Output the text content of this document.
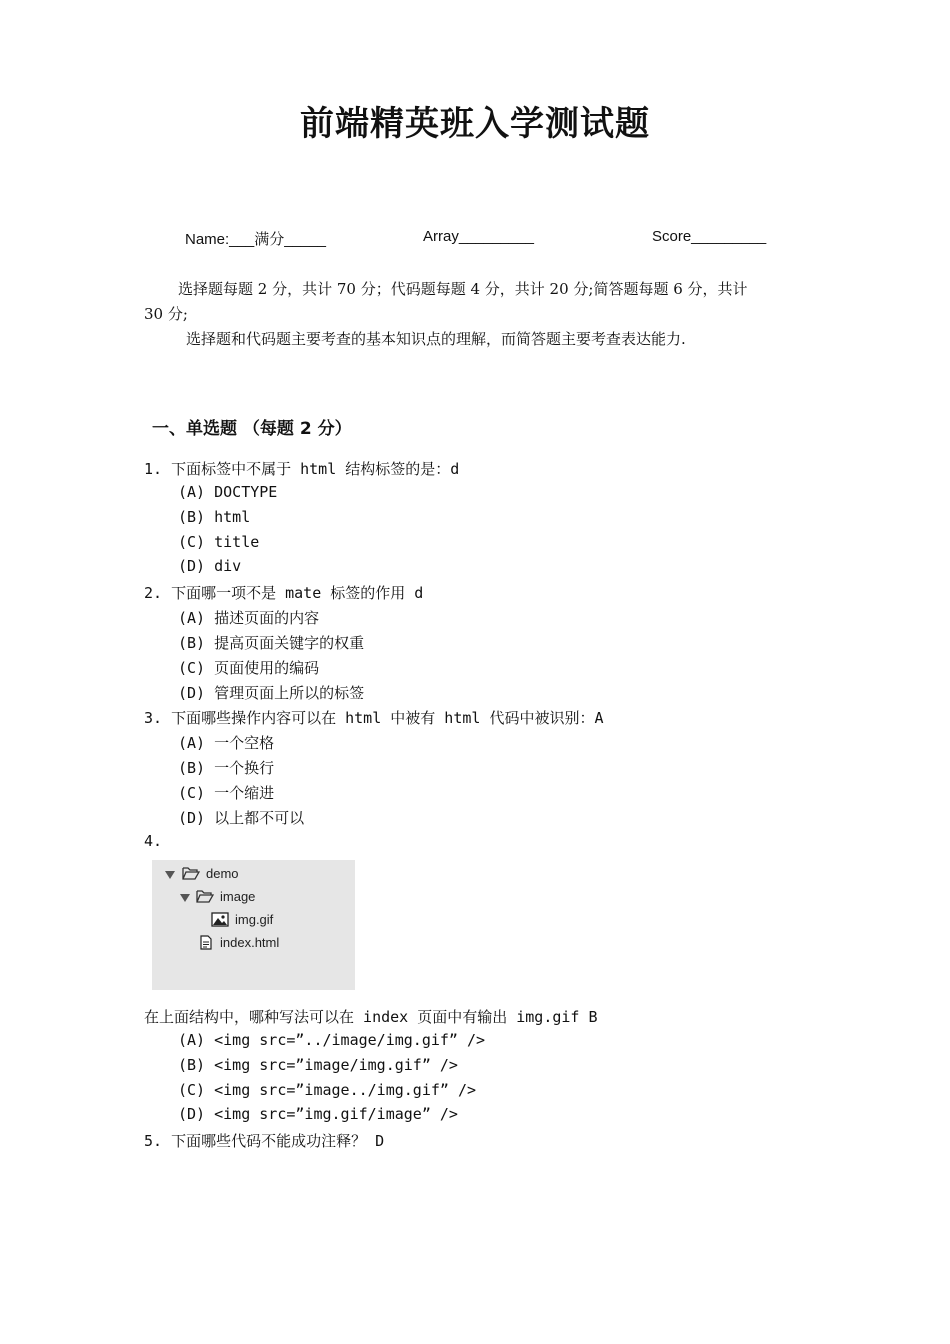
前端精英班入学测试题
Name:___满分_____	Array_________	Score_________
选择题每题 2 分，共计 70 分；代码题每题 4 分，共计 20 分;简答题每题 6 分，共计
30 分;
选择题和代码题主要考查的基本知识点的理解，而简答题主要考查表达能力.
一、单选题 （每题 2 分）
1. 下面标签中不属于 html 结构标签的是：d
(A) DOCTYPE
(B) html
(C) title
(D) div
2. 下面哪一项不是 mate 标签的作用 d
(A) 描述页面的内容
(B) 提高页面关键字的权重
(C) 页面使用的编码
(D) 管理页面上所以的标签
3. 下面哪些操作内容可以在 html 中被有 html 代码中被识别：A
(A) 一个空格
(B) 一个换行
(C) 一个缩进
(D) 以上都不可以
4.
demo
image
img.gif
index.html
在上面结构中，哪种写法可以在 index 页面中有输出 img.gif B
(A) <img src=”../image/img.gif” />
(B) <img src=”image/img.gif” />
(C) <img src=”image../img.gif” />
(D) <img src=”img.gif/image” />
5. 下面哪些代码不能成功注释？ D
